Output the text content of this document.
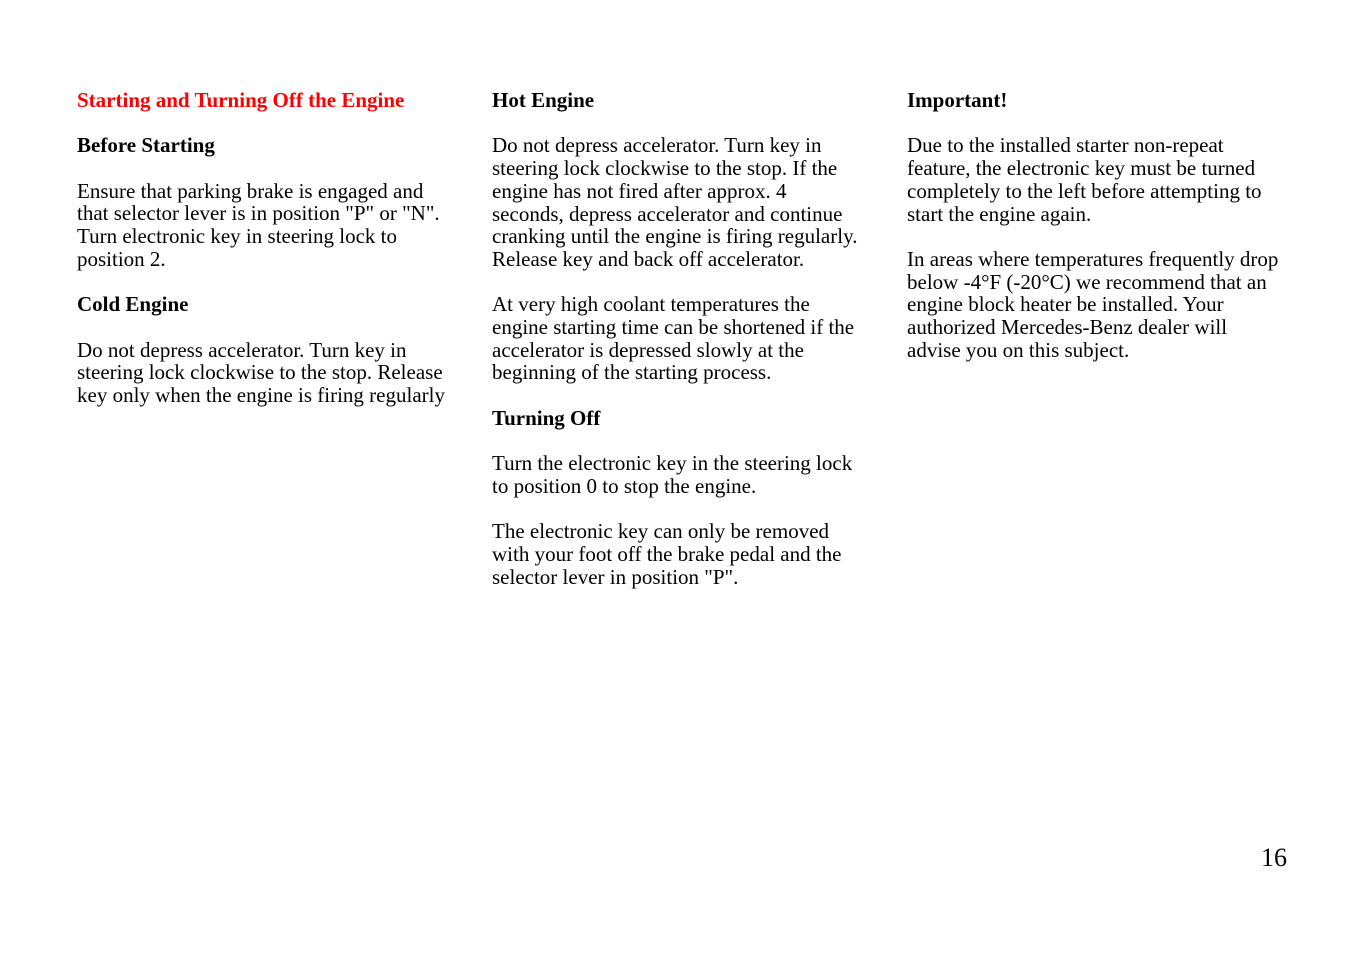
Starting and Turning Off the Engine
Before Starting
Ensure that parking brake is engaged and that selector lever is in position "P" or "N". Turn electronic key in steering lock to position 2.
Cold Engine
Do not depress accelerator. Turn key in steering lock clockwise to the stop. Release key only when the engine is firing regularly
Hot Engine
Do not depress accelerator. Turn key in steering lock clockwise to the stop. If the engine has not fired after approx. 4 seconds, depress accelerator and continue cranking until the engine is firing regularly. Release key and back off accelerator.
At very high coolant temperatures the engine starting time can be shortened if the accelerator is depressed slowly at the beginning of the starting process.
Turning Off
Turn the electronic key in the steering lock to position 0 to stop the engine.
The electronic key can only be removed with your foot off the brake pedal and the selector lever in position "P".
Important!
Due to the installed starter non-repeat feature, the electronic key must be turned completely to the left before attempting to start the engine again.
In areas where temperatures frequently drop below -4°F (-20°C) we recommend that an engine block heater be installed. Your authorized Mercedes-Benz dealer will advise you on this subject.
16
